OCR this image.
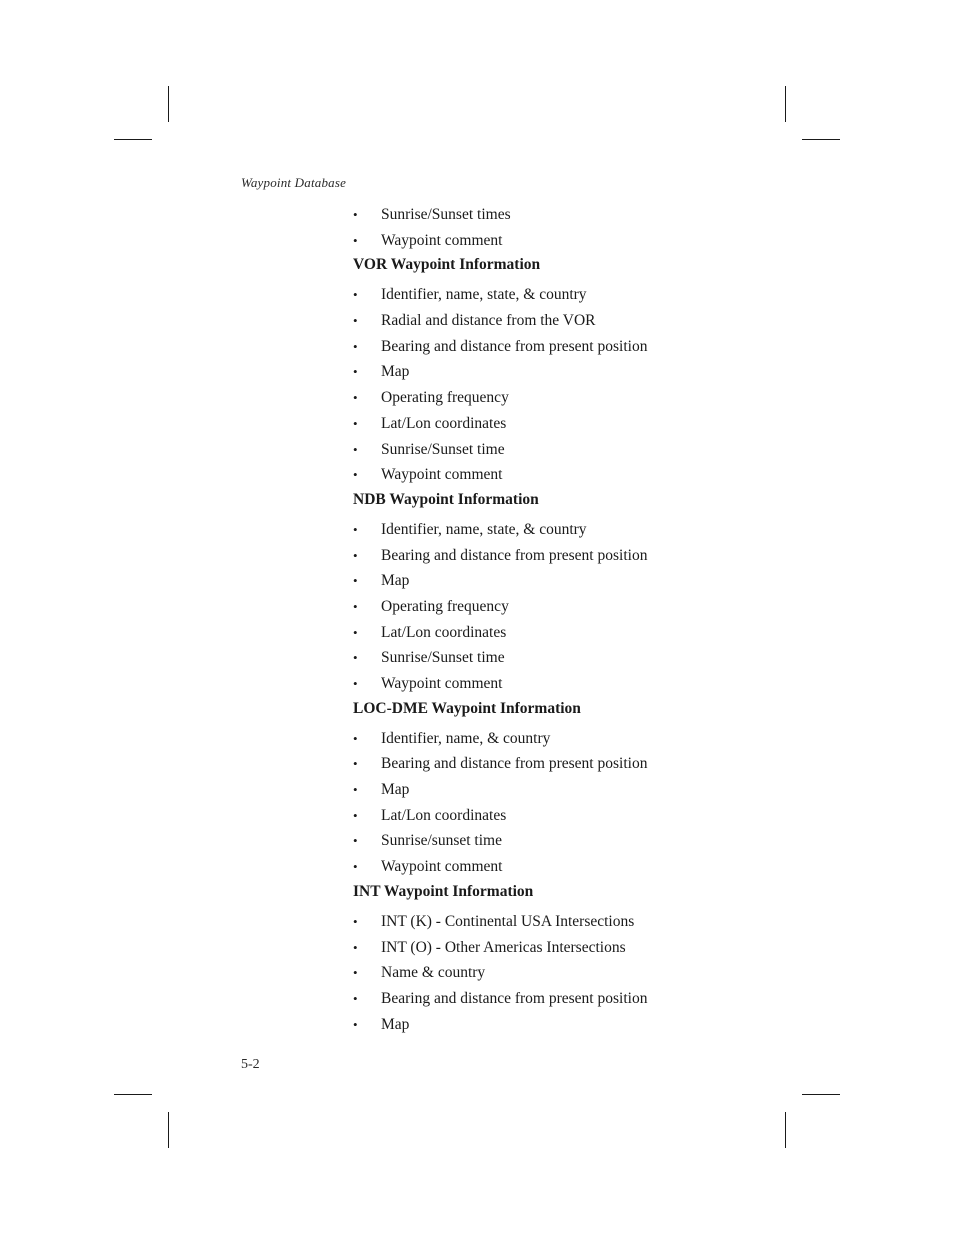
Waypoint Database
• Sunrise/Sunset times
• Waypoint comment
VOR Waypoint Information
• Identifier, name, state, & country
• Radial and distance from the VOR
• Bearing and distance from present position
• Map
• Operating frequency
• Lat/Lon coordinates
• Sunrise/Sunset time
• Waypoint comment
NDB Waypoint Information
• Identifier, name, state, & country
• Bearing and distance from present position
• Map
• Operating frequency
• Lat/Lon coordinates
• Sunrise/Sunset time
• Waypoint comment
LOC-DME Waypoint Information
• Identifier, name, & country
• Bearing and distance from present position
• Map
• Lat/Lon coordinates
• Sunrise/sunset time
• Waypoint comment
INT Waypoint Information
• INT (K) - Continental USA Intersections
• INT (O) - Other Americas Intersections
• Name & country
• Bearing and distance from present position
• Map
5-2
